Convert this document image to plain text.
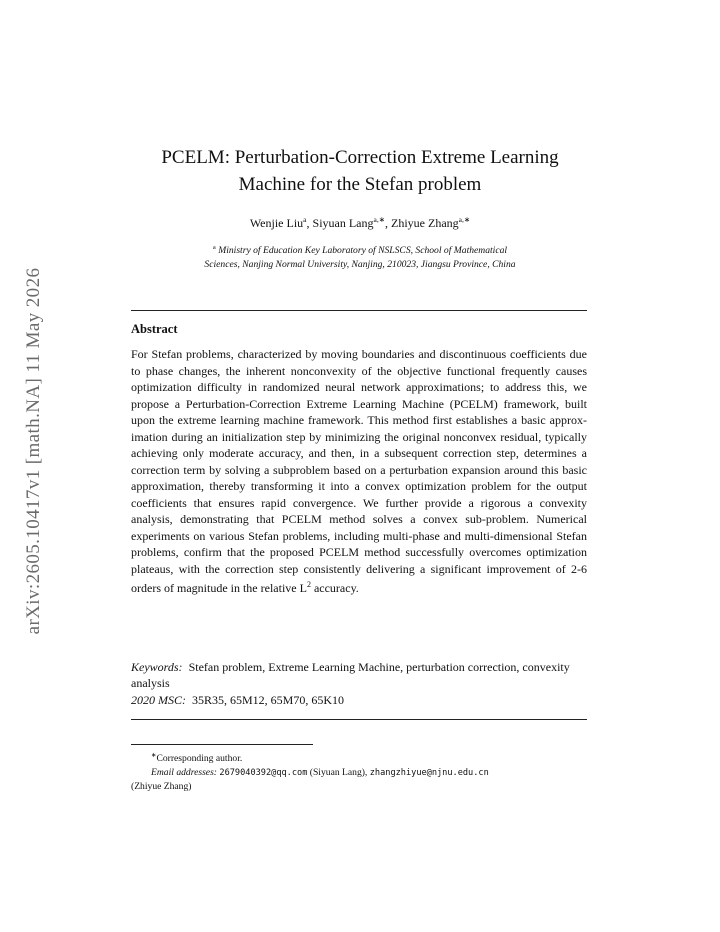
arXiv:2605.10417v1 [math.NA] 11 May 2026
PCELM: Perturbation-Correction Extreme Learning
Machine for the Stefan problem
Wenjie Liu$^a$, Siyuan Lang$^{a,∗}$, Zhiyue Zhang$^{a,∗}$
$^a$ Ministry of Education Key Laboratory of NSLSCS, School of Mathematical
Sciences, Nanjing Normal University, Nanjing, 210023, Jiangsu Province, China
Abstract
For Stefan problems, characterized by moving boundaries and discontinuous coefficients due to phase changes, the inherent nonconvexity of the objective functional frequently causes optimization difficulty in randomized neural network approximations; to address this, we propose a Perturbation-Correction Extreme Learning Machine (PCELM) framework, built upon the extreme learning machine framework. This method first establishes a basic approximation during an initialization step by minimizing the original nonconvex residual, typically achieving only moderate accuracy, and then, in a subsequent correction step, determines a correction term by solving a subproblem based on a perturbation expansion around this basic approximation, thereby transforming it into a convex optimization problem for the output coefficients that ensures rapid convergence. We further provide a rigorous a convexity analysis, demonstrating that PCELM method solves a convex sub-problem. Numerical experiments on various Stefan problems, including multi-phase and multi-dimensional Stefan problems, confirm that the proposed PCELM method successfully overcomes optimization plateaus, with the correction step consistently delivering a significant improvement of 2-6 orders of magnitude in the relative $L^2$ accuracy.
Keywords: Stefan problem, Extreme Learning Machine, perturbation correction, convexity analysis
2020 MSC: 35R35, 65M12, 65M70, 65K10
∗Corresponding author.
Email addresses: 2679040392@qq.com (Siyuan Lang), zhangzhiyue@njnu.edu.cn
(Zhiyue Zhang)
